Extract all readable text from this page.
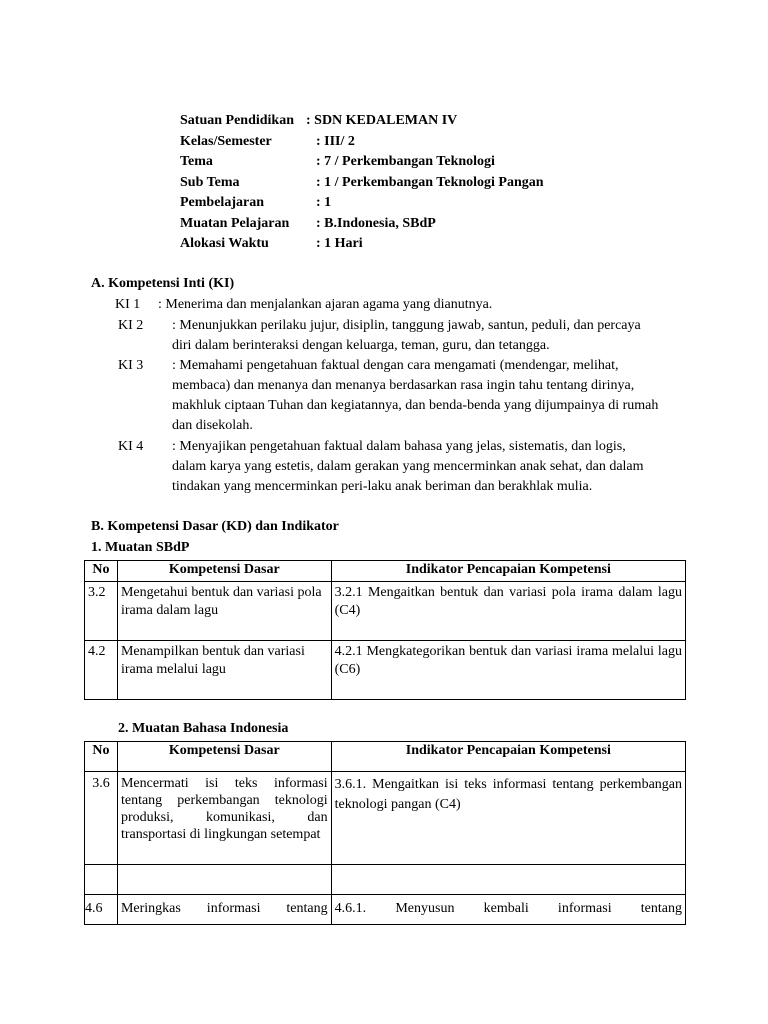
Satuan Pendidikan : SDN KEDALEMAN IV
Kelas/Semester	: III/ 2
Tema	: 7 / Perkembangan Teknologi
Sub Tema	: 1 / Perkembangan Teknologi Pangan
Pembelajaran	: 1
Muatan Pelajaran : B.Indonesia, SBdP
Alokasi Waktu	: 1 Hari
A. Kompetensi Inti (KI)
KI 1 : Menerima dan menjalankan ajaran agama yang dianutnya.
KI 2 : Menunjukkan perilaku jujur, disiplin, tanggung jawab, santun, peduli, dan percaya
diri dalam berinteraksi dengan keluarga, teman, guru, dan tetangga.
KI 3 : Memahami pengetahuan faktual dengan cara mengamati (mendengar, melihat,
membaca) dan menanya dan menanya berdasarkan rasa ingin tahu tentang dirinya, makhluk ciptaan Tuhan dan kegiatannya, dan benda-benda yang dijumpainya di rumah dan disekolah.
KI 4 : Menyajikan pengetahuan faktual dalam bahasa yang jelas, sistematis, dan logis,
dalam karya yang estetis, dalam gerakan yang mencerminkan anak sehat, dan dalam tindakan yang mencerminkan peri-laku anak beriman dan berakhlak mulia.
B. Kompetensi Dasar (KD) dan Indikator
1. Muatan SBdP
No	Kompetensi Dasar	Indikator Pencapaian Kompetensi
3.2	Mengetahui bentuk dan variasi pola irama dalam lagu	3.2.1 Mengaitkan bentuk dan variasi pola irama dalam lagu (C4)
4.2	Menampilkan bentuk dan variasi irama melalui lagu	4.2.1 Mengkategorikan bentuk dan variasi irama melalui lagu (C6)
2. Muatan Bahasa Indonesia
No	Kompetensi Dasar	Indikator Pencapaian Kompetensi
3.6	Mencermati isi teks informasi tentang perkembangan teknologi produksi, komunikasi, dan transportasi di lingkungan setempat	3.6.1. Mengaitkan isi teks informasi tentang perkembangan teknologi pangan (C4)

4.6	Meringkas informasi tentang	4.6.1. Menyusun kembali informasi tentang
